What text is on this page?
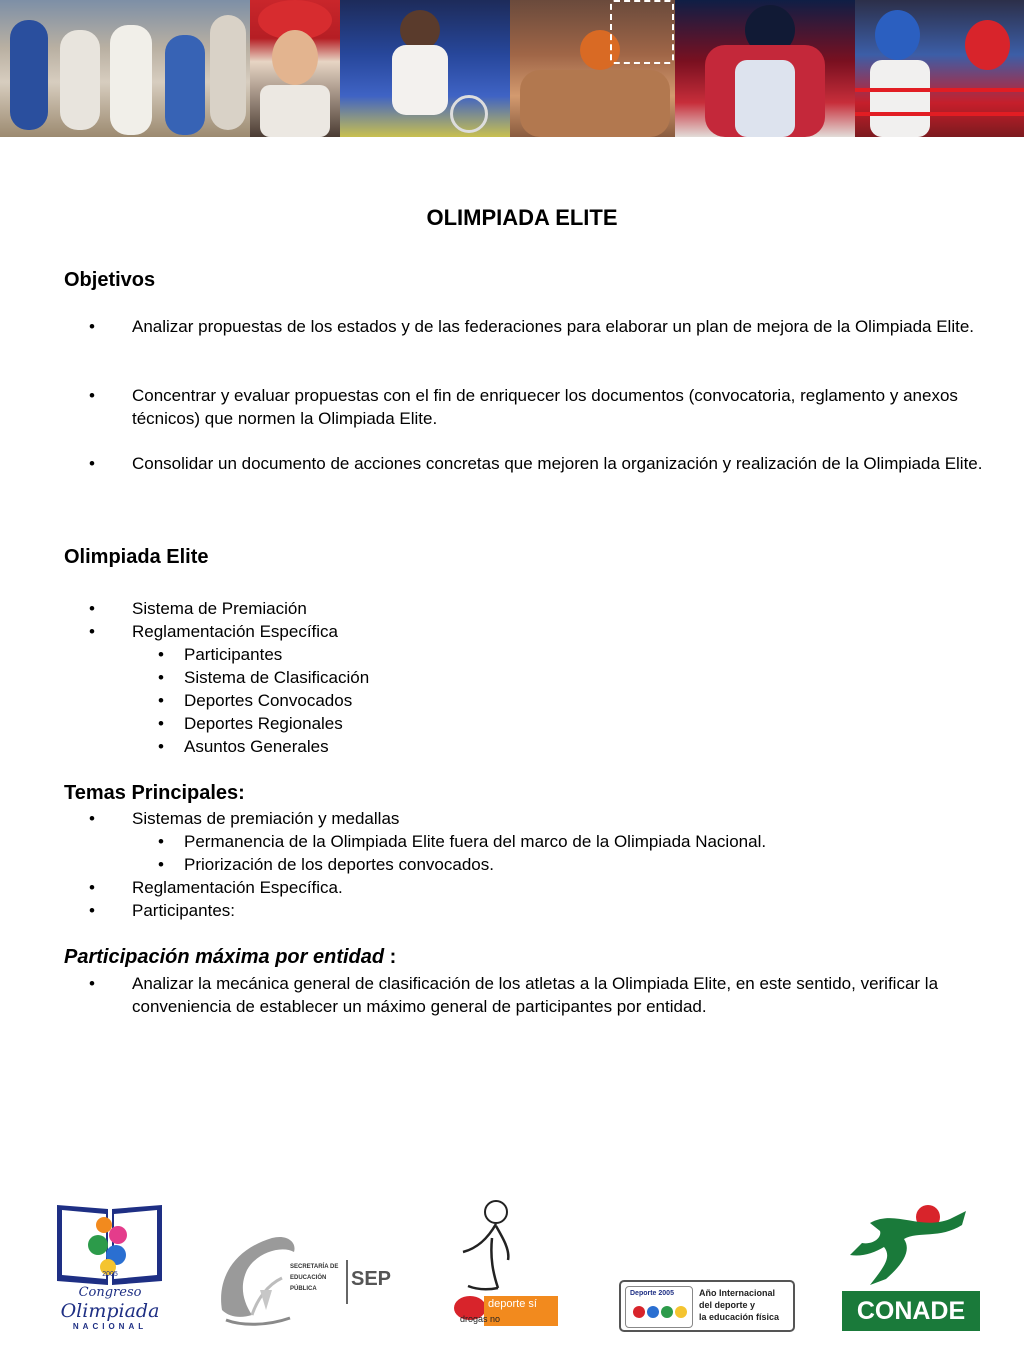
OLIMPIADA ELITE
Objetivos
• Analizar propuestas de los estados y de las federaciones para elaborar un plan de mejora de la Olimpiada Elite.
• Concentrar y evaluar propuestas con el fin de enriquecer los documentos (convocatoria, reglamento y anexos técnicos) que normen la Olimpiada Elite.
• Consolidar un documento de acciones concretas que mejoren la organización y realización de la Olimpiada Elite.
Olimpiada Elite
• Sistema de Premiación
• Reglamentación Específica
• Participantes
• Sistema de Clasificación
• Deportes Convocados
• Deportes Regionales
• Asuntos Generales
Temas Principales:
• Sistemas de premiación y medallas
• Permanencia de la Olimpiada Elite fuera del marco de la Olimpiada Nacional.
• Priorización de los deportes convocados.
• Reglamentación Específica.
• Participantes:
Participación máxima por entidad :
• Analizar la mecánica general de clasificación de los atletas a la Olimpiada Elite, en este sentido, verificar la conveniencia de establecer un máximo general de participantes por entidad.
2005
Congreso
Olimpiada
NACIONAL
SECRETARÍA DE
EDUCACIÓN
PÚBLICA	SEP
deporte sí
drogas no
Deporte 2005	Año Internacional
del deporte y
la educación física	CONADE
